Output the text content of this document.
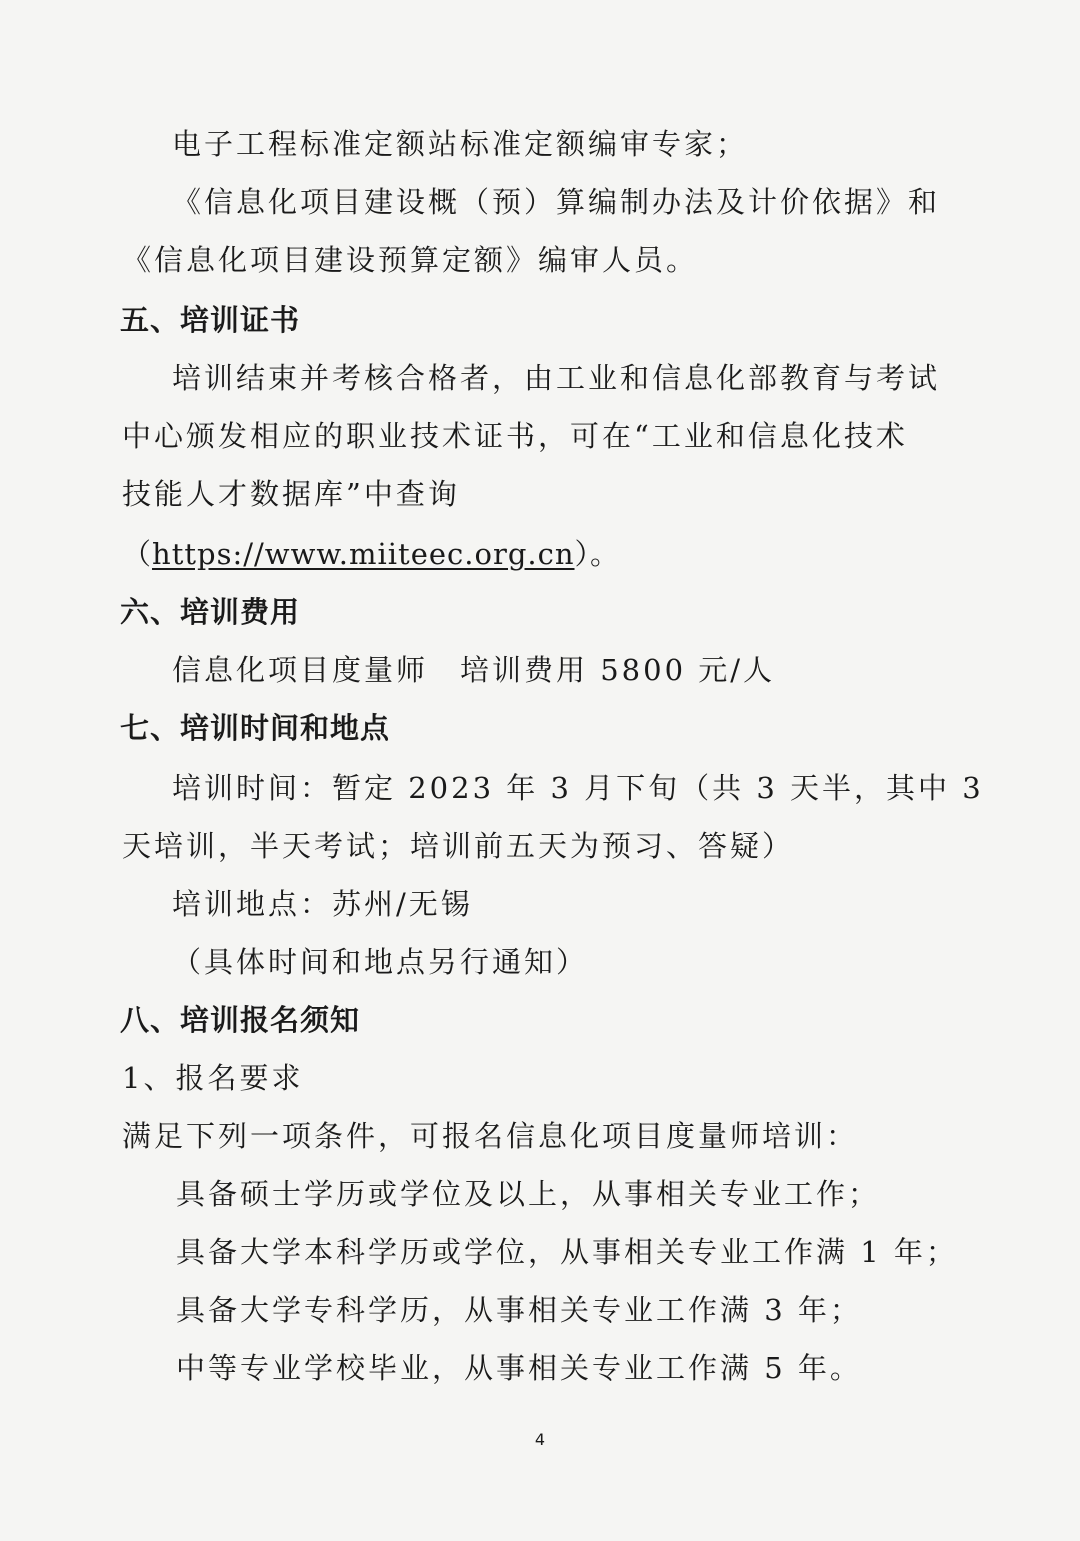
电子工程标准定额站标准定额编审专家；
《信息化项目建设概（预）算编制办法及计价依据》和
《信息化项目建设预算定额》编审人员。
五、培训证书
培训结束并考核合格者，由工业和信息化部教育与考试
中心颁发相应的职业技术证书，可在“工业和信息化技术
技能人才数据库”中查询
（https://www.miiteec.org.cn）。
六、培训费用
信息化项目度量师　培训费用 5800 元/人
七、培训时间和地点
培训时间：暂定 2023 年 3 月下旬（共 3 天半，其中 3
天培训，半天考试；培训前五天为预习、答疑）
培训地点：苏州/无锡
（具体时间和地点另行通知）
八、培训报名须知
1、报名要求
满足下列一项条件，可报名信息化项目度量师培训：
具备硕士学历或学位及以上，从事相关专业工作；
具备大学本科学历或学位，从事相关专业工作满 1 年；
具备大学专科学历，从事相关专业工作满 3 年；
中等专业学校毕业，从事相关专业工作满 5 年。
4
